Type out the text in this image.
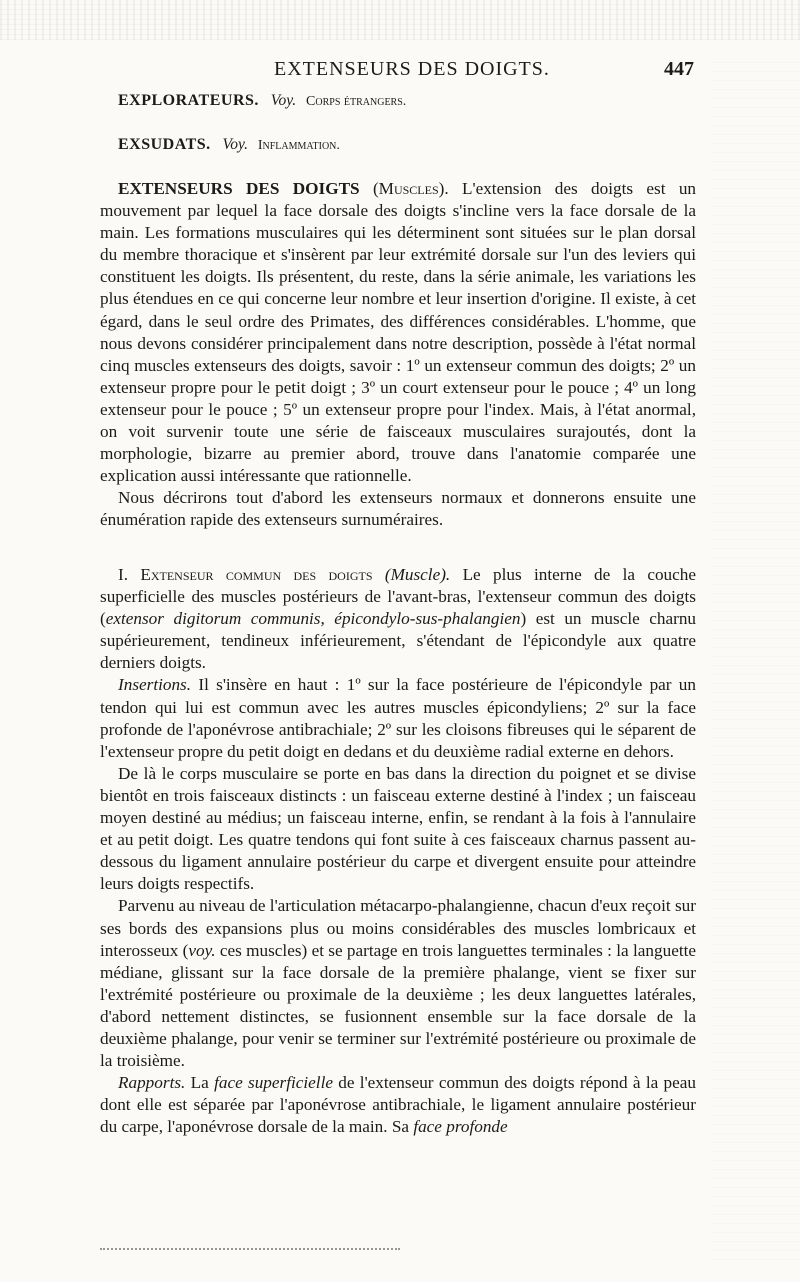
EXTENSEURS DES DOIGTS.	447
EXPLORATEURS. Voy. Corps étrangers.
EXSUDATS. Voy. Inflammation.

EXTENSEURS DES DOIGTS (Muscles). L'extension des doigts est un mouvement par lequel la face dorsale des doigts s'incline vers la face dorsale de la main. Les formations musculaires qui les déterminent sont situées sur le plan dorsal du membre thoracique et s'insèrent par leur extrémité dorsale sur l'un des leviers qui constituent les doigts. Ils présentent, du reste, dans la série animale, les variations les plus étendues en ce qui concerne leur nombre et leur insertion d'origine. Il existe, à cet égard, dans le seul ordre des Primates, des différences considérables. L'homme, que nous devons considérer principalement dans notre description, possède à l'état normal cinq muscles extenseurs des doigts, savoir : 1º un extenseur commun des doigts; 2º un extenseur propre pour le petit doigt ; 3º un court extenseur pour le pouce ; 4º un long extenseur pour le pouce ; 5º un extenseur propre pour l'index. Mais, à l'état anormal, on voit survenir toute une série de faisceaux musculaires surajoutés, dont la morphologie, bizarre au premier abord, trouve dans l'anatomie comparée une explication aussi intéressante que rationnelle.

Nous décrirons tout d'abord les extenseurs normaux et donnerons ensuite une énumération rapide des extenseurs surnuméraires.

I. Extenseur commun des doigts (Muscle). Le plus interne de la couche superficielle des muscles postérieurs de l'avant-bras, l'extenseur commun des doigts (extensor digitorum communis, épicondylo-sus-phalangien) est un muscle charnu supérieurement, tendineux inférieurement, s'étendant de l'épicondyle aux quatre derniers doigts.

Insertions. Il s'insère en haut : 1º sur la face postérieure de l'épicondyle par un tendon qui lui est commun avec les autres muscles épicondyliens; 2º sur la face profonde de l'aponévrose antibrachiale; 2º sur les cloisons fibreuses qui le séparent de l'extenseur propre du petit doigt en dedans et du deuxième radial externe en dehors.

De là le corps musculaire se porte en bas dans la direction du poignet et se divise bientôt en trois faisceaux distincts : un faisceau externe destiné à l'index ; un faisceau moyen destiné au médius; un faisceau interne, enfin, se rendant à la fois à l'annulaire et au petit doigt. Les quatre tendons qui font suite à ces faisceaux charnus passent au-dessous du ligament annulaire postérieur du carpe et divergent ensuite pour atteindre leurs doigts respectifs.

Parvenu au niveau de l'articulation métacarpo-phalangienne, chacun d'eux reçoit sur ses bords des expansions plus ou moins considérables des muscles lombricaux et interosseux (voy. ces muscles) et se partage en trois languettes terminales : la languette médiane, glissant sur la face dorsale de la première phalange, vient se fixer sur l'extrémité postérieure ou proximale de la deuxième ; les deux languettes latérales, d'abord nettement distinctes, se fusionnent ensemble sur la face dorsale de la deuxième phalange, pour venir se terminer sur l'extrémité postérieure ou proximale de la troisième.

Rapports. La face superficielle de l'extenseur commun des doigts répond à la peau dont elle est séparée par l'aponévrose antibrachiale, le ligament annulaire postérieur du carpe, l'aponévrose dorsale de la main. Sa face profonde
